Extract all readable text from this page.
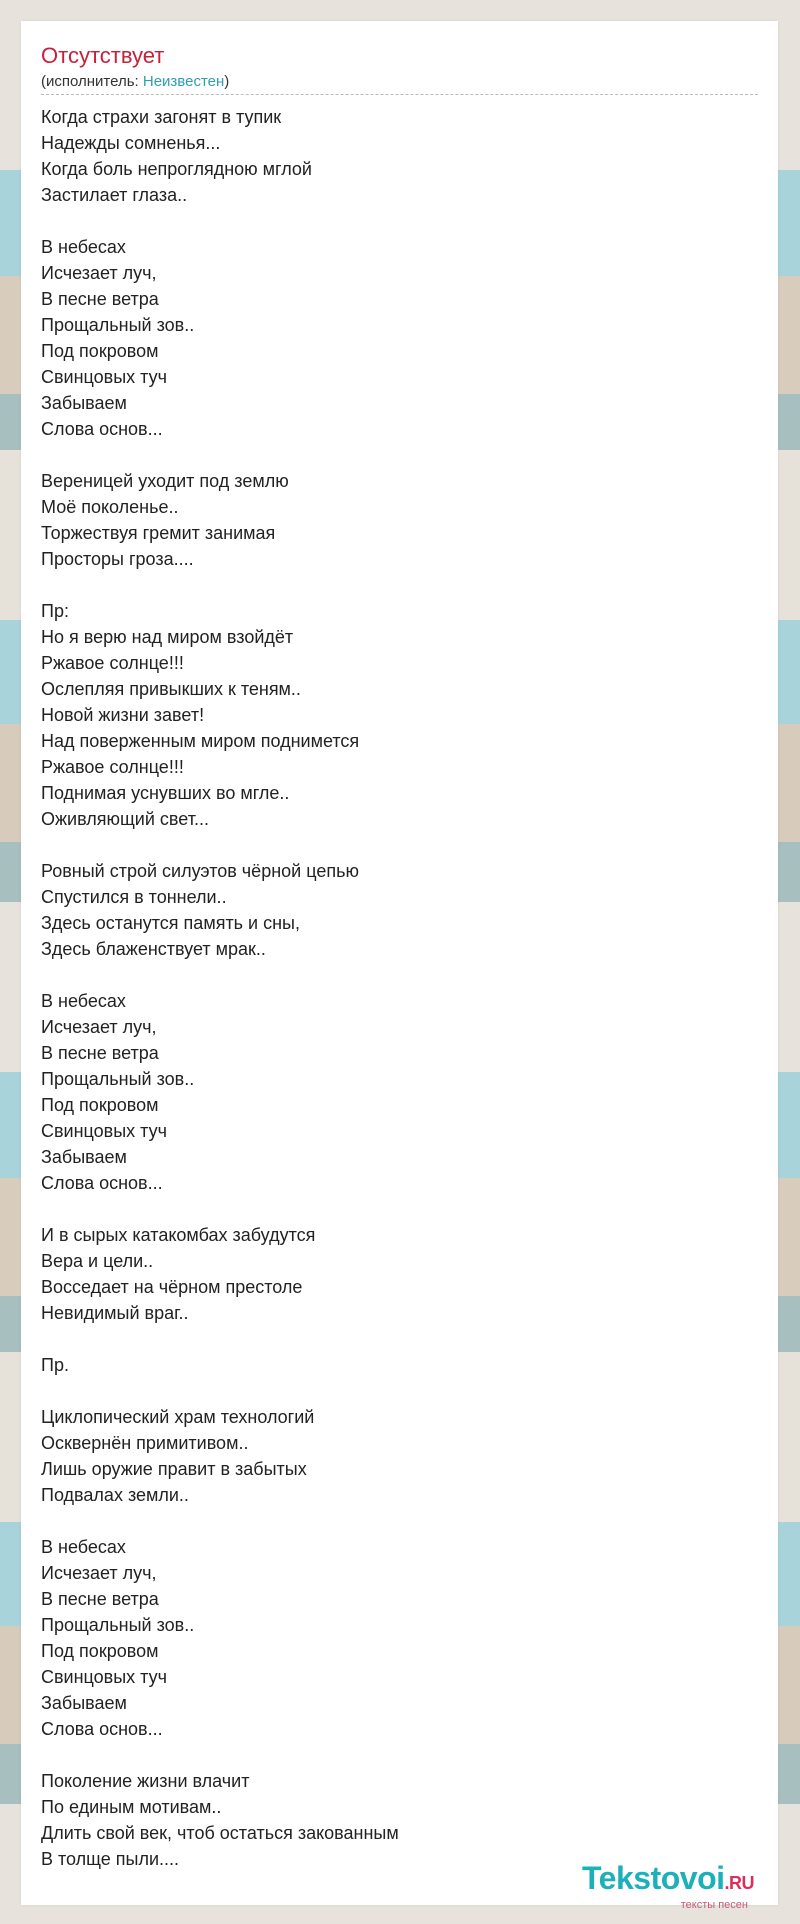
Отсутствует
(исполнитель: Неизвестен)
Когда страхи загонят в тупик
Надежды сомненья...
Когда боль непроглядною мглой
Застилает глаза..

В небесах
Исчезает луч,
В песне ветра
Прощальный зов..
Под покровом
Свинцовых туч
Забываем
Слова основ...

Вереницей уходит под землю
Моё поколенье..
Торжествуя гремит занимая
Просторы гроза....

Пр:
Но я верю над миром взойдёт
Ржавое солнце!!!
Ослепляя привыкших к теням..
Новой жизни завет!
Над поверженным миром поднимется
Ржавое солнце!!!
Поднимая уснувших во мгле..
Оживляющий свет...

Ровный строй силуэтов чёрной цепью
Спустился в тоннели..
Здесь останутся память и сны,
Здесь блаженствует мрак..

В небесах
Исчезает луч,
В песне ветра
Прощальный зов..
Под покровом
Свинцовых туч
Забываем
Слова основ...

И в сырых катакомбах забудутся
Вера и цели..
Восседает на чёрном престоле
Невидимый враг..

Пр.

Циклопический храм технологий
Осквернён примитивом..
Лишь оружие правит в забытых
Подвалах земли..

В небесах
Исчезает луч,
В песне ветра
Прощальный зов..
Под покровом
Свинцовых туч
Забываем
Слова основ...

Поколение жизни влачит
По единым мотивам..
Длить свой век, чтоб остаться закованным
В толще пыли....
Tekstovoi.RU
тексты песен
